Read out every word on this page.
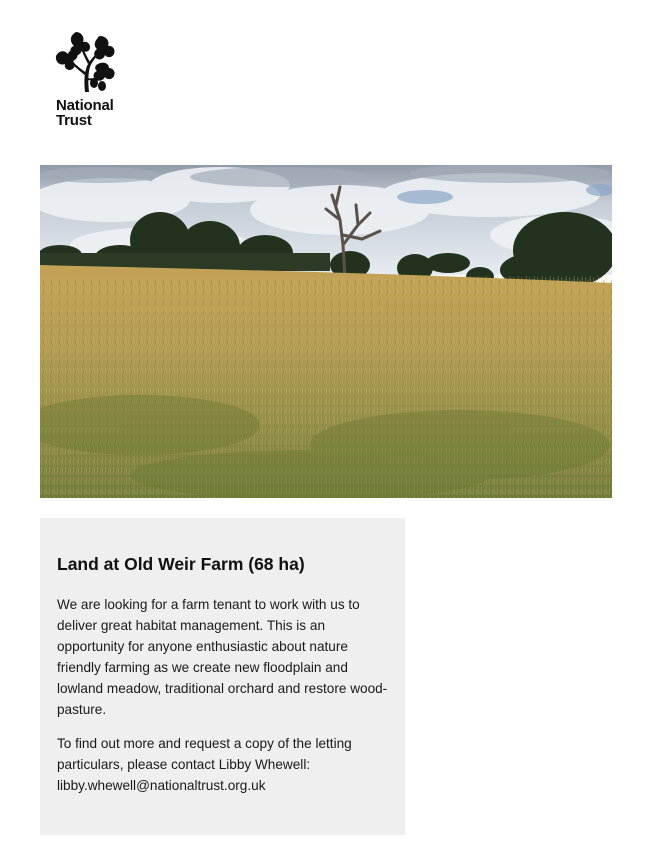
National
Trust
Land at Old Weir Farm (68 ha)

We are looking for a farm tenant to work with us to deliver great habitat management. This is an opportunity for anyone enthusiastic about nature friendly farming as we create new floodplain and lowland meadow, traditional orchard and restore wood-pasture.

To find out more and request a copy of the letting particulars, please contact Libby Whewell: libby.whewell@nationaltrust.org.uk
